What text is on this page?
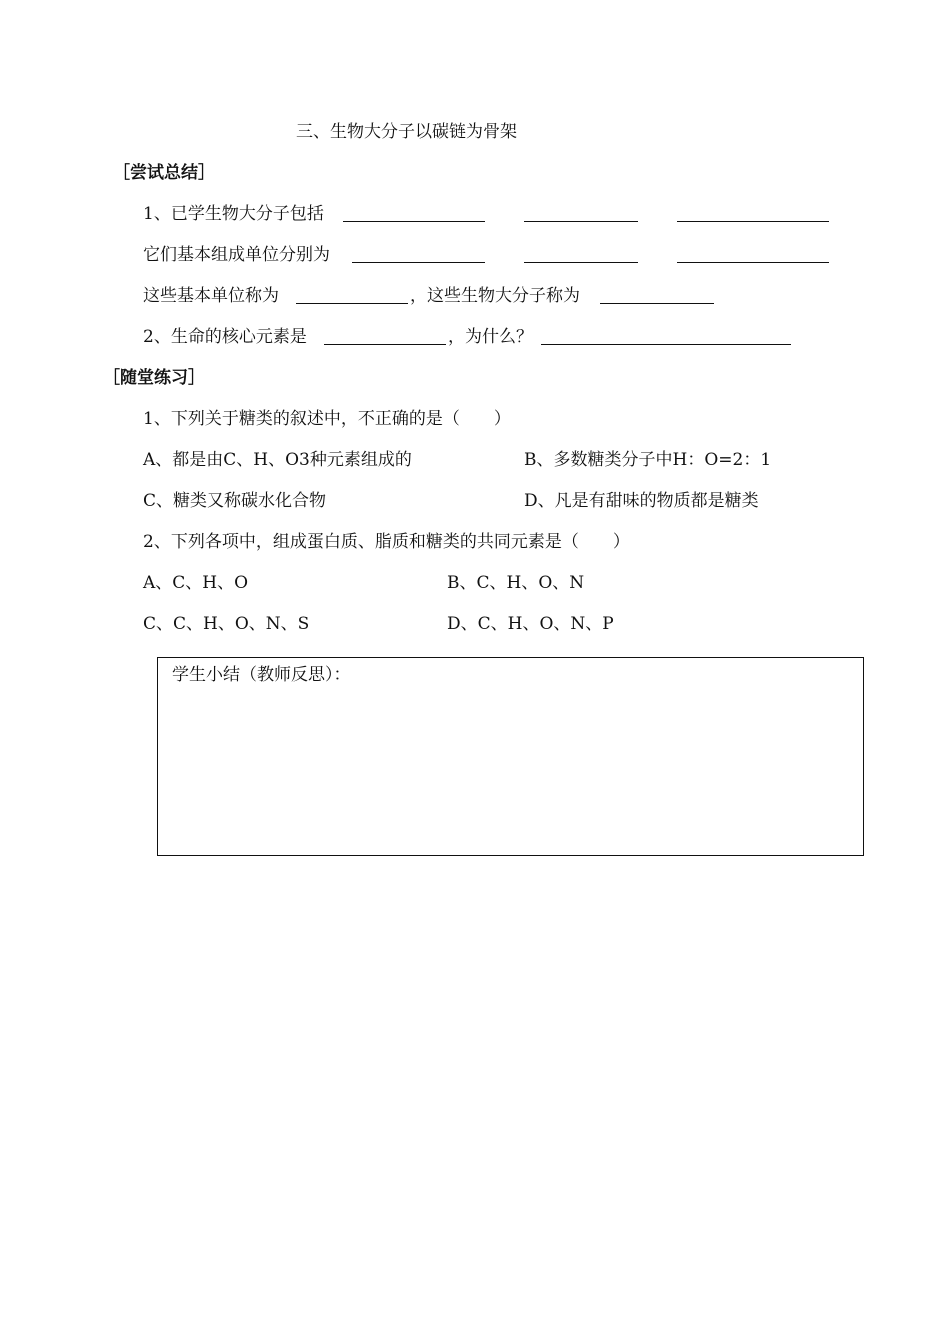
三、生物大分子以碳链为骨架
［尝试总结］
1、已学生物大分子包括
它们基本组成单位分别为
这些基本单位称为	，这些生物大分子称为
2、生命的核心元素是	，为什么？
［随堂练习］
1、下列关于糖类的叙述中，不正确的是（　　）
A、都是由C、H、O3种元素组成的	B、多数糖类分子中H：O=2：1
C、糖类又称碳水化合物	D、凡是有甜味的物质都是糖类
2、下列各项中，组成蛋白质、脂质和糖类的共同元素是（　　）
A、C、H、O	B、C、H、O、N
C、C、H、O、N、S	D、C、H、O、N、P
学生小结（教师反思）：
